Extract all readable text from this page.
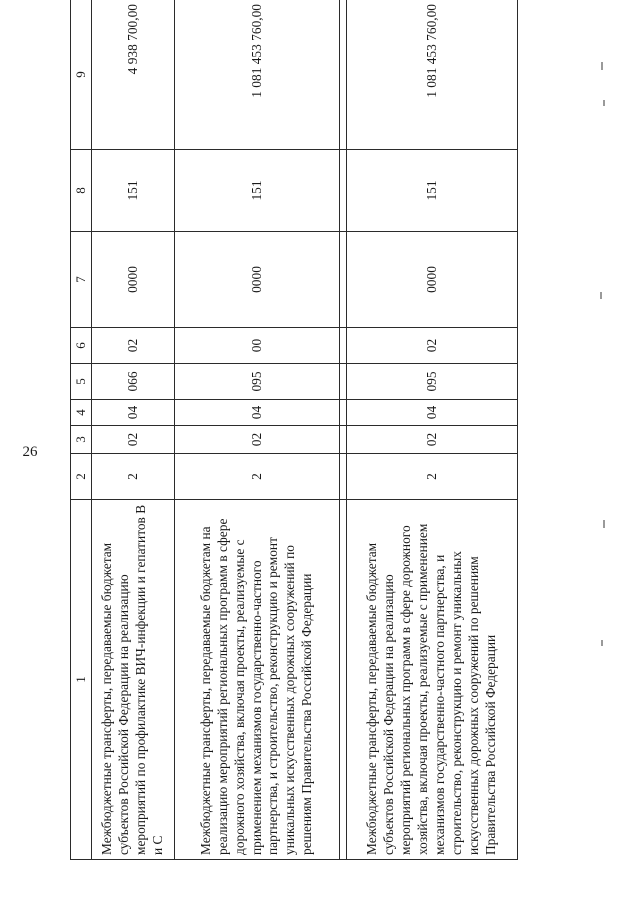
26
1	2	3	4	5	6	7	8	9
Межбюджетные трансферты, передаваемые бюджетам субъектов Российской Федерации на реализацию мероприятий по профилактике ВИЧ-инфекции и гепатитов В и С	2	02	04	066	02	0000	151	4 938 700,00
Межбюджетные трансферты, передаваемые бюджетам на реализацию мероприятий региональных программ в сфере дорожного хозяйства, включая проекты, реализуемые с применением механизмов государственно-частного партнерства, и строительство, реконструкцию и ремонт уникальных искусственных дорожных сооружений по решениям Правительства Российской Федерации	2	02	04	095	00	0000	151	1 081 453 760,00

Межбюджетные трансферты, передаваемые бюджетам субъектов Российской Федерации на реализацию мероприятий региональных программ в сфере дорожного хозяйства, включая проекты, реализуемые с применением механизмов государственно-частного партнерства, и строительство, реконструкцию и ремонт уникальных искусственных дорожных сооружений по решениям Правительства Российской Федерации	2	02	04	095	02	0000	151	1 081 453 760,00
